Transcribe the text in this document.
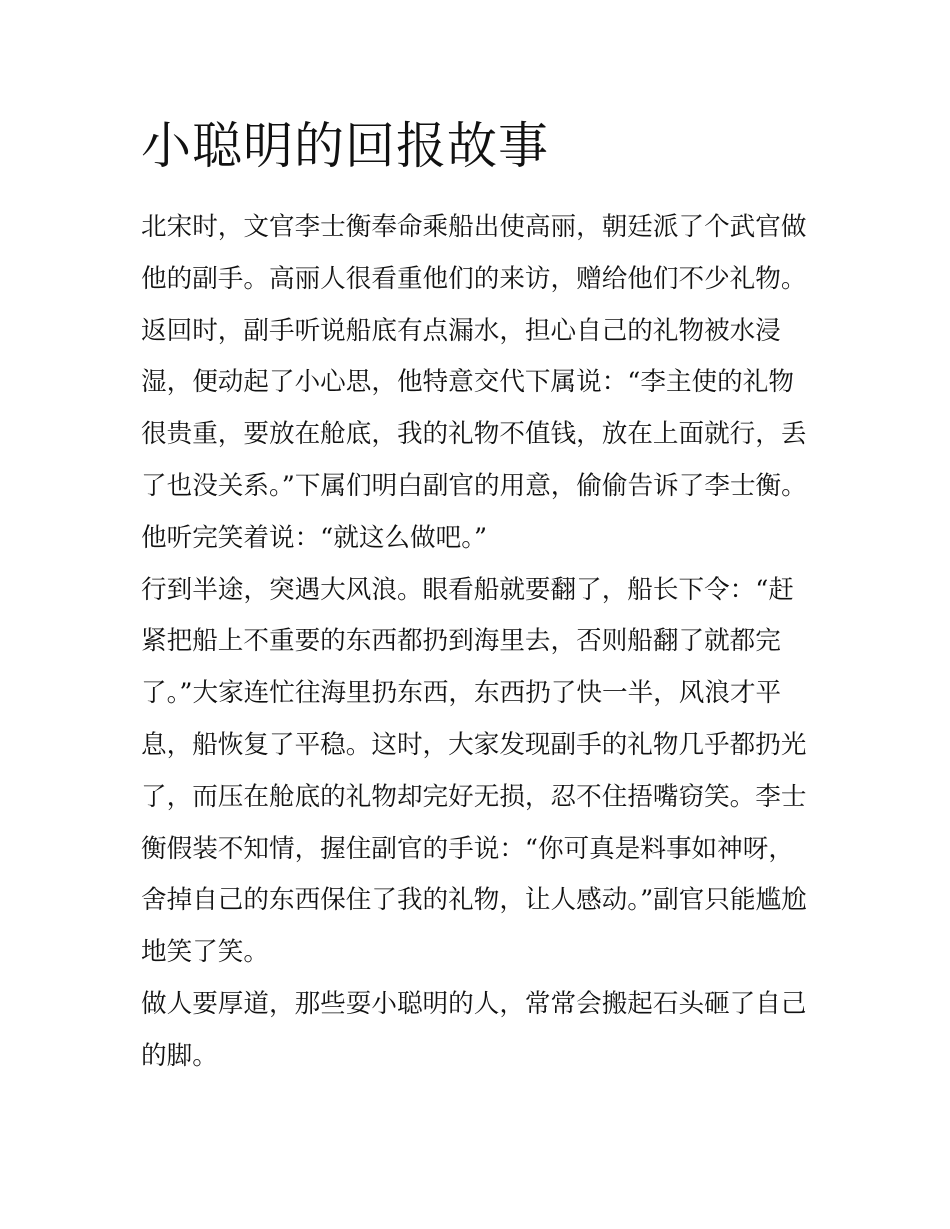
小聪明的回报故事

北宋时，文官李士衡奉命乘船出使高丽，朝廷派了个武官做他的副手。高丽人很看重他们的来访，赠给他们不少礼物。返回时，副手听说船底有点漏水，担心自己的礼物被水浸湿，便动起了小心思，他特意交代下属说：“李主使的礼物很贵重，要放在舱底，我的礼物不值钱，放在上面就行，丢了也没关系。”下属们明白副官的用意，偷偷告诉了李士衡。他听完笑着说：“就这么做吧。”

行到半途，突遇大风浪。眼看船就要翻了，船长下令：“赶紧把船上不重要的东西都扔到海里去，否则船翻了就都完了。”大家连忙往海里扔东西，东西扔了快一半，风浪才平息，船恢复了平稳。这时，大家发现副手的礼物几乎都扔光了，而压在舱底的礼物却完好无损，忍不住捂嘴窃笑。李士衡假装不知情，握住副官的手说：“你可真是料事如神呀，舍掉自己的东西保住了我的礼物，让人感动。”副官只能尴尬地笑了笑。

做人要厚道，那些耍小聪明的人，常常会搬起石头砸了自己的脚。
